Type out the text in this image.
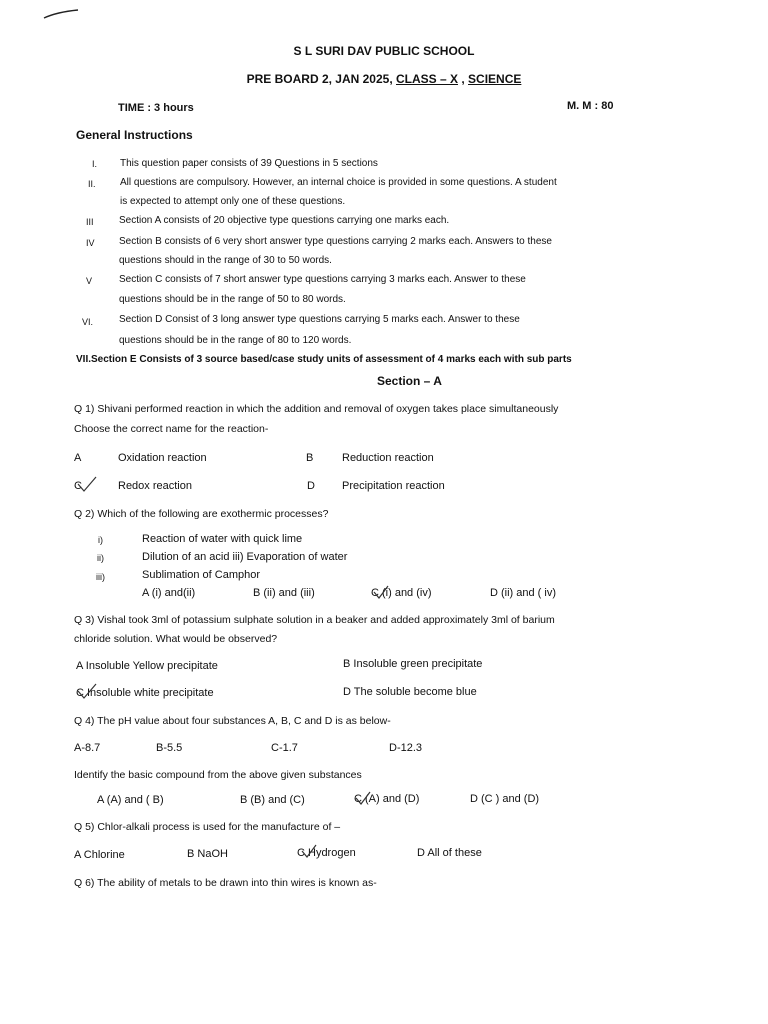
S L SURI DAV PUBLIC SCHOOL
PRE BOARD 2, JAN 2025, CLASS – X , SCIENCE
TIME : 3 hours	M. M : 80
General Instructions
I. This question paper consists of 39 Questions in 5 sections
II. All questions are compulsory. However, an internal choice is provided in some questions. A student
is expected to attempt only one of these questions.
III	Section A consists of 20 objective type questions carrying one marks each.
IV Section B consists of 6 very short answer type questions carrying 2 marks each. Answers to these
questions should in the range of 30 to 50 words.
V	Section C consists of 7 short answer type questions carrying 3 marks each. Answer to these
questions should be in the range of 50 to 80 words.
VI.	Section D Consist of 3 long answer type questions carrying 5 marks each. Answer to these
questions should be in the range of 80 to 120 words.
VII.Section E Consists of 3 source based/case study units of assessment of 4 marks each with sub parts
Section – A
Q 1) Shivani performed reaction in which the addition and removal of oxygen takes place simultaneously
Choose the correct name for the reaction-
A	Oxidation reaction	B	Reduction reaction
C	Redox reaction	D Precipitation reaction
Q 2) Which of the following are exothermic processes?
i)	Reaction of water with quick lime
ii)	Dilution of an acid iii) Evaporation of water
iii)	Sublimation of Camphor
A (i) and(ii)	B (ii) and (iii)	C (i) and (iv)	D (ii) and ( iv)
Q 3) Vishal took 3ml of potassium sulphate solution in a beaker and added approximately 3ml of barium
chloride solution. What would be observed?
A Insoluble Yellow precipitate	B Insoluble green precipitate
C Insoluble white precipitate	D The soluble become blue
Q 4) The pH value about four substances A, B, C and D is as below-
A-8.7	B-5.5	C-1.7	D-12.3
Identify the basic compound from the above given substances
A (A) and ( B)	B (B) and (C)	C (A) and (D)	D (C ) and (D)
Q 5) Chlor-alkali process is used for the manufacture of –
A Chlorine	B NaOH	C Hydrogen	D All of these
Q 6) The ability of metals to be drawn into thin wires is known as-
